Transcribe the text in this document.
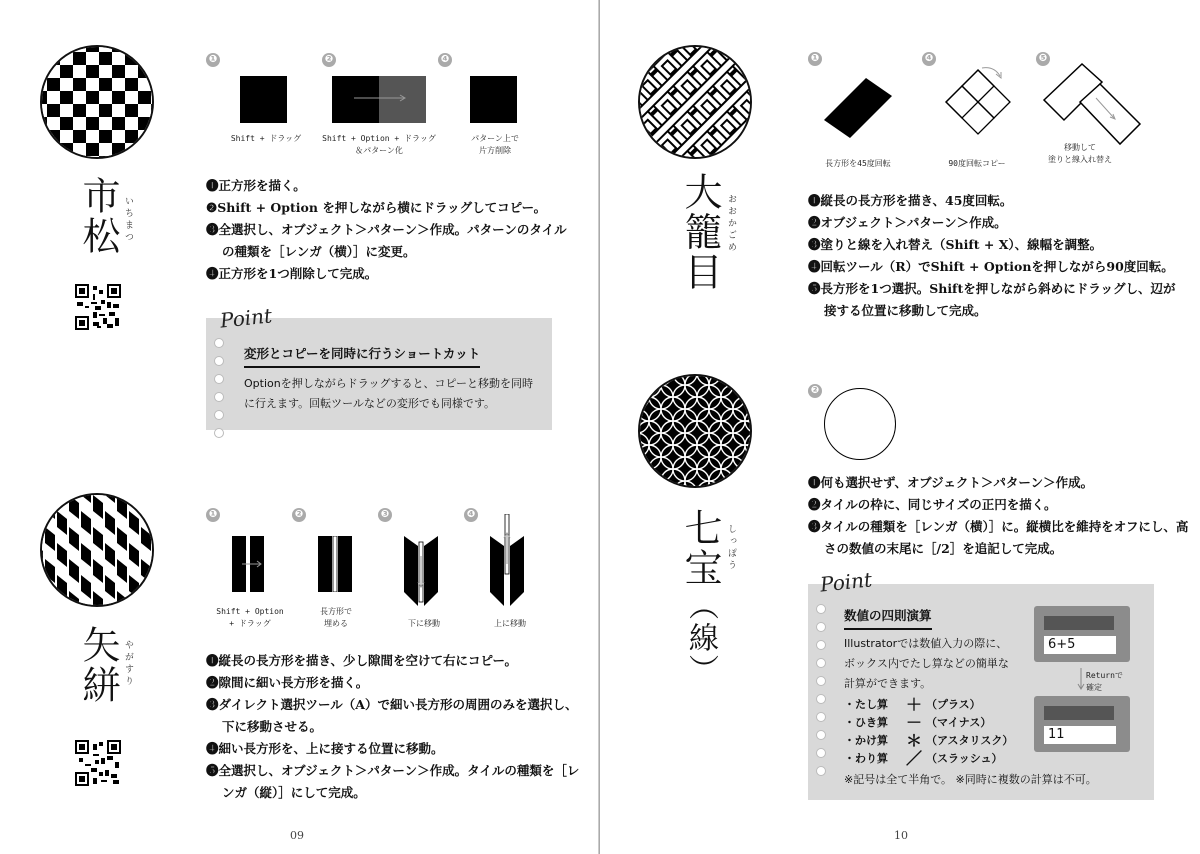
市松 いちまつ
❶	❷	❹
Shift + ドラッグ	Shift + Option + ドラッグ
＆パターン化
パターン上で
片方削除
❶正方形を描く。
❷Shift + Option を押しながら横にドラッグしてコピー。
❸全選択し、オブジェクト＞パターン＞作成。パターンのタイル
の種類を［レンガ（横）］に変更。
❹正方形を1つ削除して完成。
変形とコピーを同時に行うショートカット
Optionを押しながらドラッグすると、コピーと移動を同時
に行えます。回転ツールなどの変形でも同様です。
Point
矢絣 やがすり
❶	❷	❸	❹
Shift + Option
+ ドラッグ
長方形で
埋める	下に移動	上に移動
❶縦長の長方形を描き、少し隙間を空けて右にコピー。
❷隙間に細い長方形を描く。
❸ダイレクト選択ツール（A）で細い長方形の周囲のみを選択し、
下に移動させる。
❹細い長方形を、上に接する位置に移動。
❺全選択し、オブジェクト＞パターン＞作成。タイルの種類を［レ
ンガ（縦）］にして完成。
09
大籠目 おおかごめ
❶	❹	❺
長方形を45度回転	90度回転コピー
移動して
塗りと線入れ替え
❶縦長の長方形を描き、45度回転。
❷オブジェクト＞パターン＞作成。
❸塗りと線を入れ替え（Shift + X）、線幅を調整。
❹回転ツール（R）でShift + Optionを押しながら90度回転。
❺長方形を1つ選択。Shiftを押しながら斜めにドラッグし、辺が
接する位置に移動して完成。
七宝
（線）
しっぽう
❷
❶何も選択せず、オブジェクト＞パターン＞作成。
❷タイルの枠に、同じサイズの正円を描く。
❸タイルの種類を［レンガ（横）］に。縦横比を維持をオフにし、高
さの数値の末尾に［/2］を追記して完成。
数値の四則演算
Illustratorでは数値入力の際に、
ボックス内でたし算などの簡単な
計算ができます。
・たし算	＋ （プラス）
・ひき算	－ （マイナス）
・かけ算	＊ （アスタリスク）
・わり算	／ （スラッシュ）
※記号は全て半角で。 ※同時に複数の計算は不可。
6+5
Returnで
確定
11
Point
10
